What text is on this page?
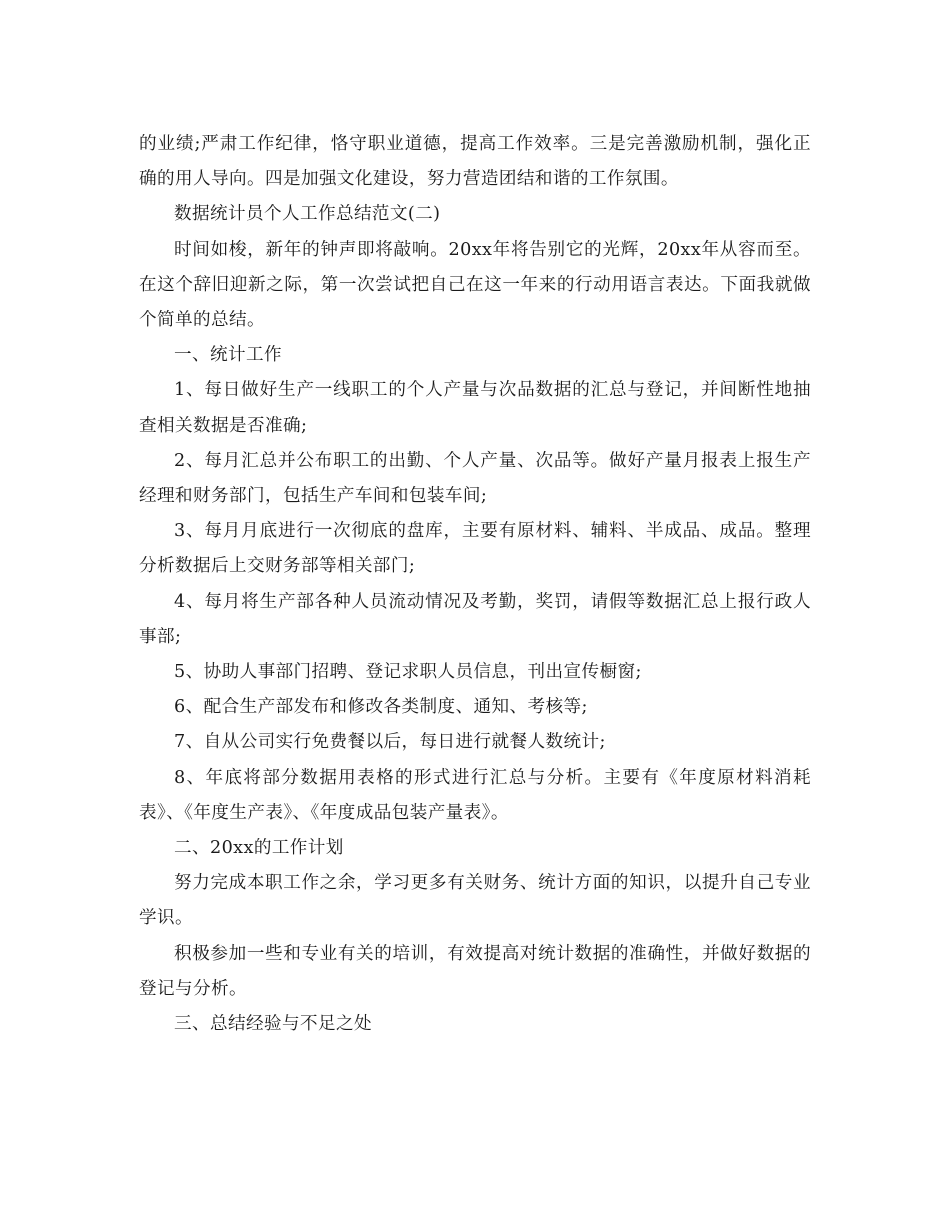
的业绩;严肃工作纪律，恪守职业道德，提高工作效率。三是完善激励机制，强化正确的用人导向。四是加强文化建设，努力营造团结和谐的工作氛围。

数据统计员个人工作总结范文(二)

时间如梭，新年的钟声即将敲响。20xx年将告别它的光辉，20xx年从容而至。在这个辞旧迎新之际，第一次尝试把自己在这一年来的行动用语言表达。下面我就做个简单的总结。

一、统计工作

1、每日做好生产一线职工的个人产量与次品数据的汇总与登记，并间断性地抽查相关数据是否准确;

2、每月汇总并公布职工的出勤、个人产量、次品等。做好产量月报表上报生产经理和财务部门，包括生产车间和包装车间;

3、每月月底进行一次彻底的盘库，主要有原材料、辅料、半成品、成品。整理分析数据后上交财务部等相关部门;

4、每月将生产部各种人员流动情况及考勤，奖罚，请假等数据汇总上报行政人事部;

5、协助人事部门招聘、登记求职人员信息，刊出宣传橱窗;

6、配合生产部发布和修改各类制度、通知、考核等;

7、自从公司实行免费餐以后，每日进行就餐人数统计;

8、年底将部分数据用表格的形式进行汇总与分析。主要有《年度原材料消耗表》、《年度生产表》、《年度成品包装产量表》。

二、20xx的工作计划

努力完成本职工作之余，学习更多有关财务、统计方面的知识，以提升自己专业学识。

积极参加一些和专业有关的培训，有效提高对统计数据的准确性，并做好数据的登记与分析。

三、总结经验与不足之处
